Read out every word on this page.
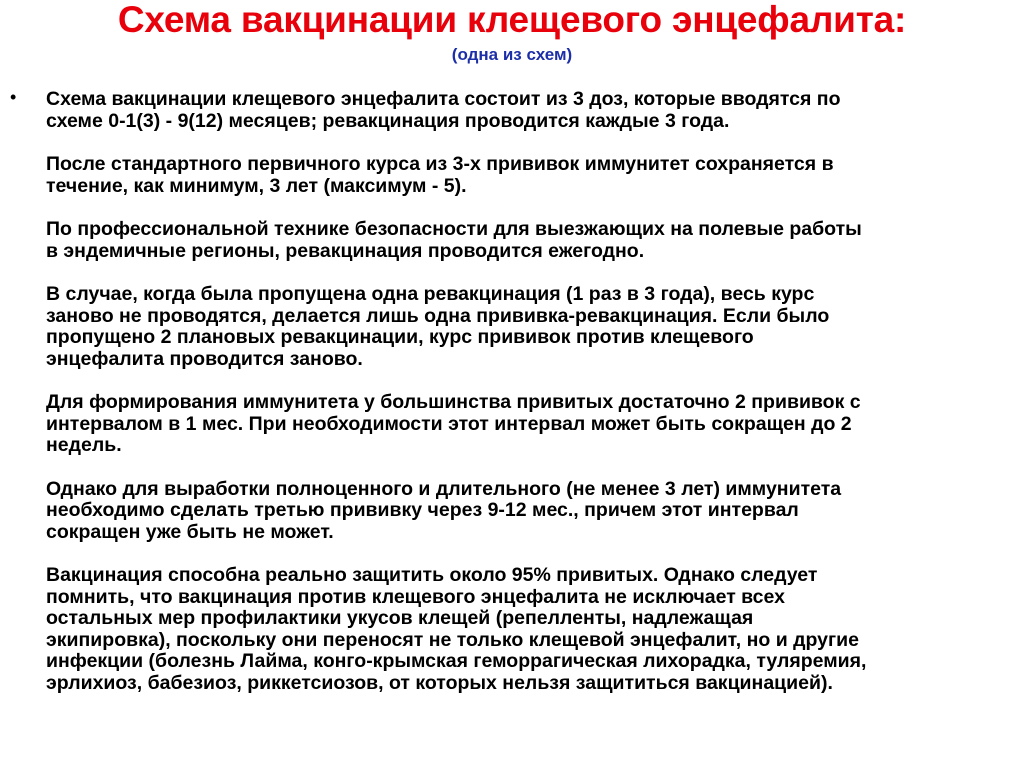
Схема вакцинации клещевого энцефалита:
(одна из схем)
• Схема вакцинации клещевого энцефалита состоит из 3 доз, которые вводятся по
схеме 0-1(3) - 9(12) месяцев; ревакцинация проводится каждые 3 года.

После стандартного первичного курса из 3-х прививок иммунитет сохраняется в
течение, как минимум, 3 лет (максимум - 5).

По профессиональной технике безопасности для выезжающих на полевые работы
в эндемичные регионы, ревакцинация проводится ежегодно.

В случае, когда была пропущена одна ревакцинация (1 раз в 3 года), весь курс
заново не проводятся, делается лишь одна прививка-ревакцинация. Если было
пропущено 2 плановых ревакцинации, курс прививок против клещевого
энцефалита проводится заново.

Для формирования иммунитета у большинства привитых достаточно 2 прививок с
интервалом в 1 мес. При необходимости этот интервал может быть сокращен до 2
недель.

Однако для выработки полноценного и длительного (не менее 3 лет) иммунитета
необходимо сделать третью прививку через 9-12 мес., причем этот интервал
сокращен уже быть не может.

Вакцинация способна реально защитить около 95% привитых. Однако следует
помнить, что вакцинация против клещевого энцефалита не исключает всех
остальных мер профилактики укусов клещей (репелленты, надлежащая
экипировка), поскольку они переносят не только клещевой энцефалит, но и другие
инфекции (болезнь Лайма, конго-крымская геморрагическая лихорадка, туляремия,
эрлихиоз, бабезиоз, риккетсиозов, от которых нельзя защититься вакцинацией).
